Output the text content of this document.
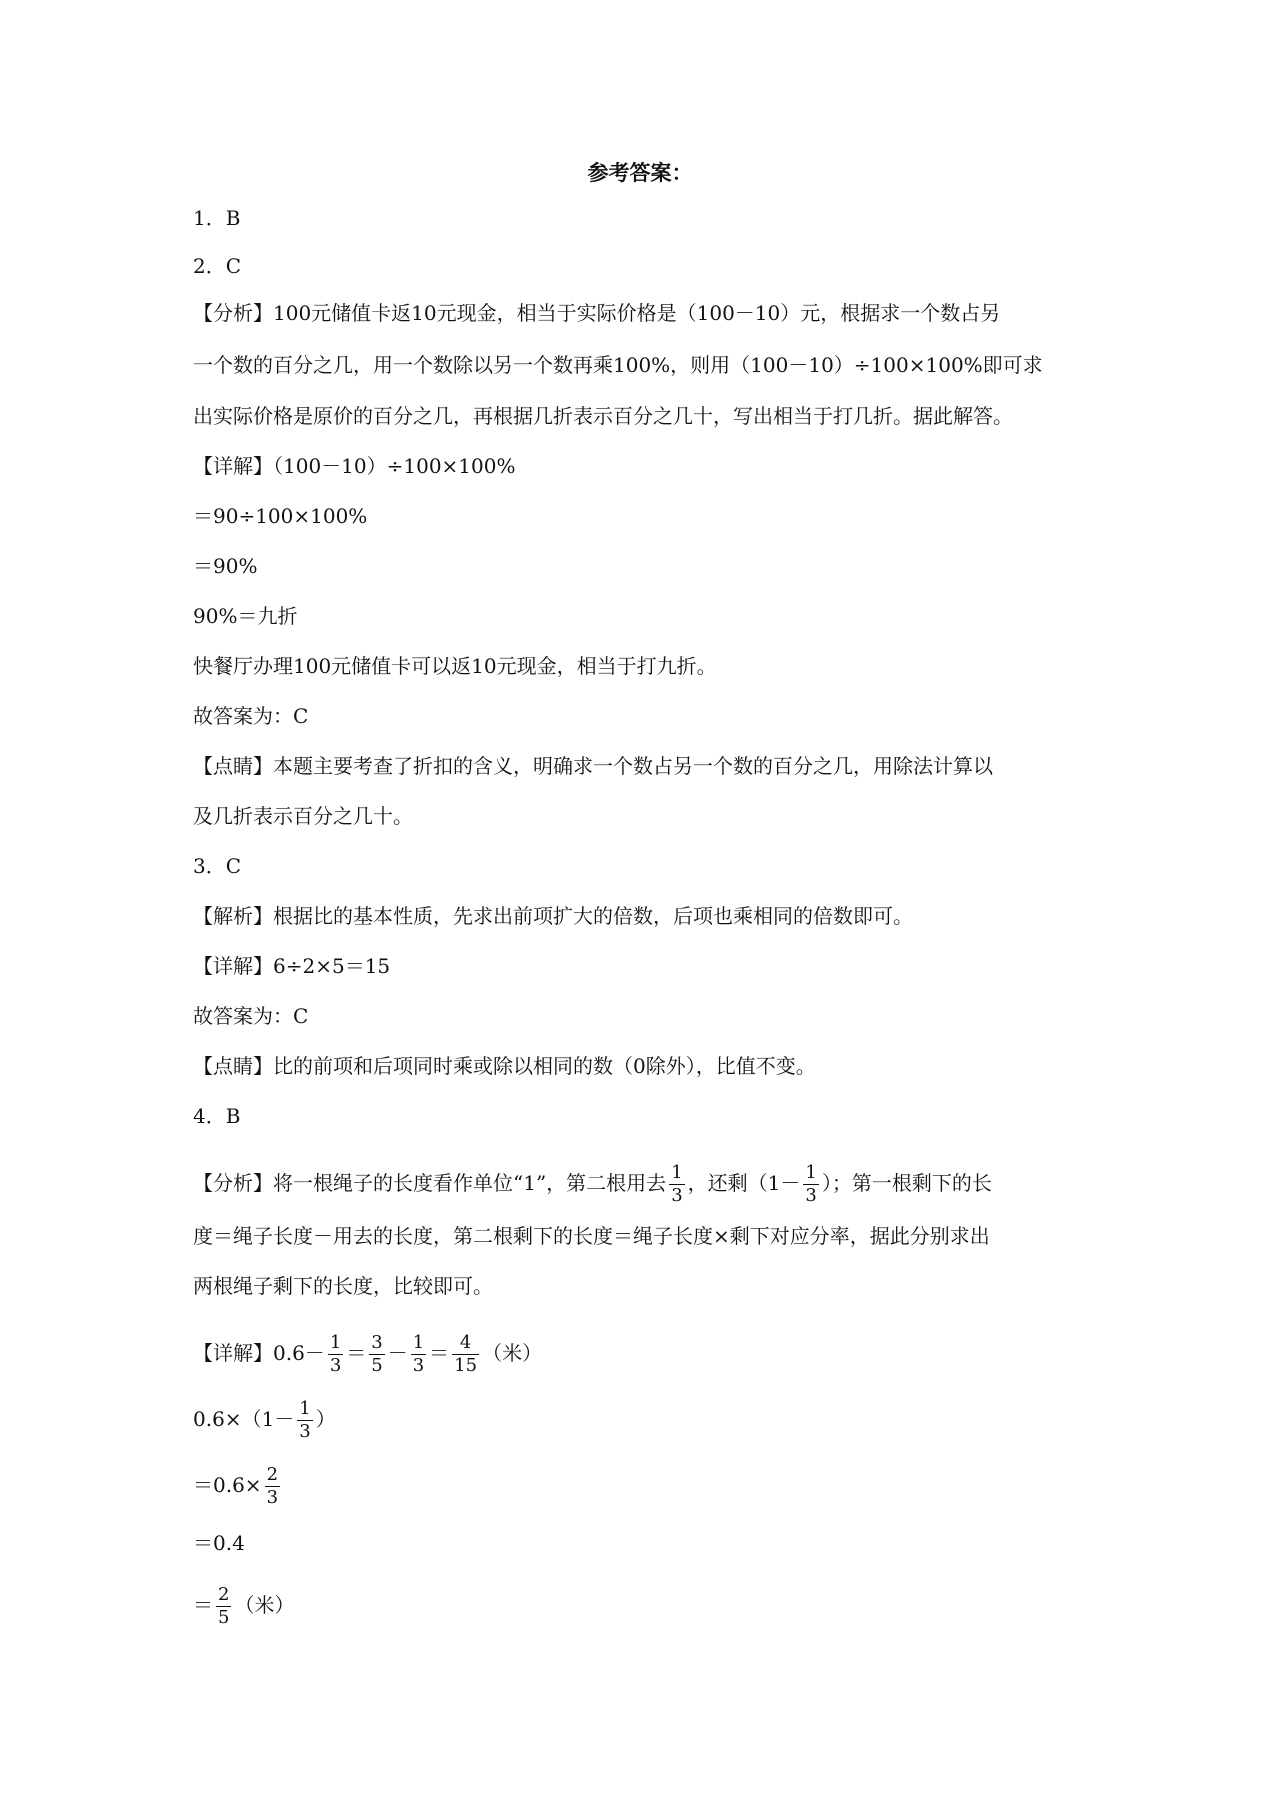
参考答案：
1．B
2．C
【分析】100元储值卡返10元现金，相当于实际价格是（100－10）元，根据求一个数占另
一个数的百分之几，用一个数除以另一个数再乘100%，则用（100－10）÷100×100%即可求
出实际价格是原价的百分之几，再根据几折表示百分之几十，写出相当于打几折。据此解答。
【详解】（100－10）÷100×100%
＝90÷100×100%
＝90%
90%＝九折
快餐厅办理100元储值卡可以返10元现金，相当于打九折。
故答案为：C
【点睛】本题主要考查了折扣的含义，明确求一个数占另一个数的百分之几，用除法计算以
及几折表示百分之几十。
3．C
【解析】根据比的基本性质，先求出前项扩大的倍数，后项也乘相同的倍数即可。
【详解】6÷2×5＝15
故答案为：C
【点睛】比的前项和后项同时乘或除以相同的数（0除外），比值不变。
4．B
【分析】将一根绳子的长度看作单位“1”，第二根用去 $\frac{1}{3}$ ，还剩（$1- \frac{1}{3}$ ）；第一根剩下的长
度＝绳子长度－用去的长度，第二根剩下的长度＝绳子长度×剩下对应分率，据此分别求出
两根绳子剩下的长度，比较即可。
【详解】$0.6- \frac{1}{3} = \frac{3}{5} - \frac{1}{3} = \frac{4}{15}$ （米）
$0.6\times(1- \frac{1}{3}$ ）
$=0.6\times \frac{2}{3}$
＝0.4
＝ $\frac{2}{5}$ （米）
